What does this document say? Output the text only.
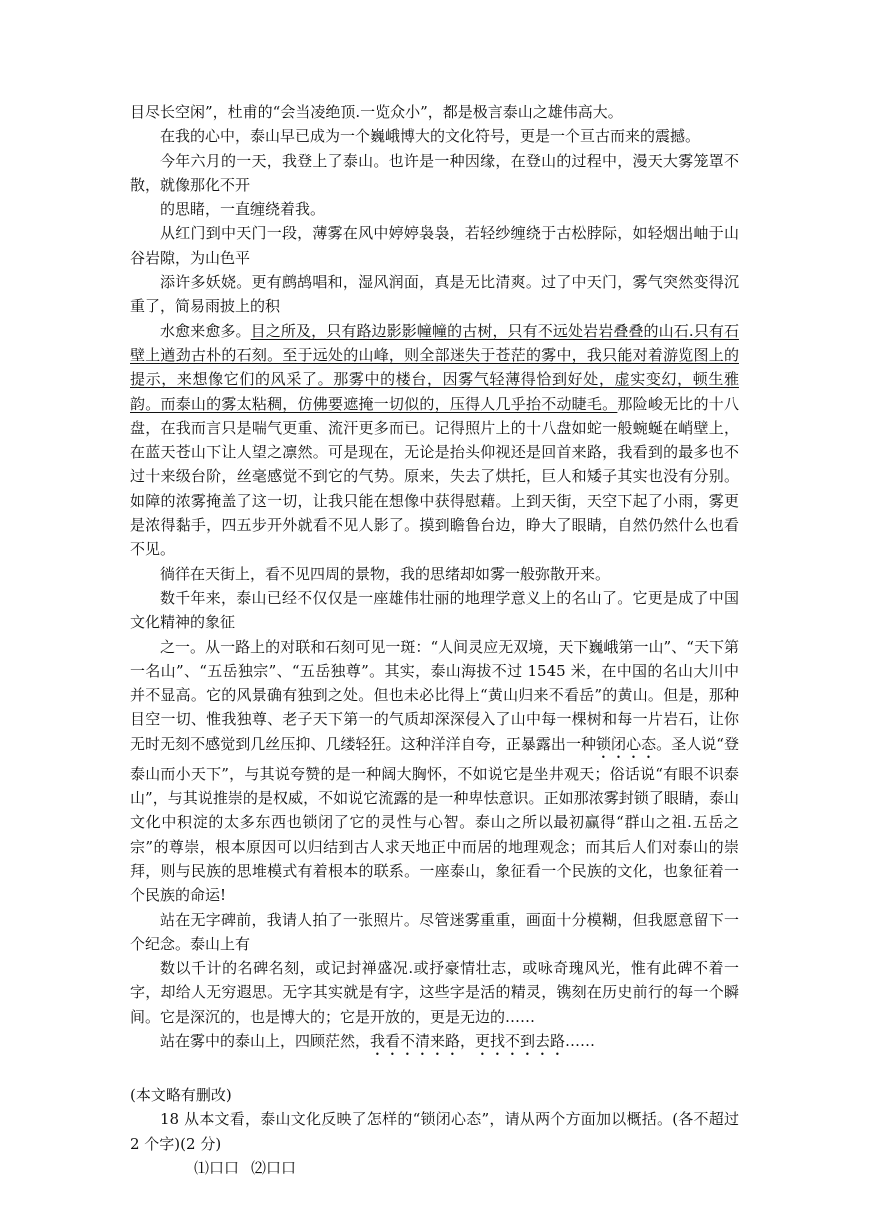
目尽长空闲”，杜甫的“会当凌绝顶.一览众小”，都是极言泰山之雄伟高大。

在我的心中，泰山早已成为一个巍峨博大的文化符号，更是一个亘古而来的震撼。

今年六月的一天，我登上了泰山。也许是一种因缘，在登山的过程中，漫天大雾笼罩不散，就像那化不开

的思睹，一直缠绕着我。

从红门到中天门一段，薄雾在风中婷婷袅袅，若轻纱缠绕于古松脖际，如轻烟出岫于山谷岩隙，为山色平

添许多妖娆。更有鹧鸪唱和，湿风润面，真是无比清爽。过了中天门，雾气突然变得沉重了，简易雨披上的积

水愈来愈多。目之所及，只有路边影影幢幢的古树，只有不远处岩岩叠叠的山石.只有石壁上遒劲古朴的石刻。至于远处的山峰，则全部迷失于苍茫的雾中，我只能对着游览图上的提示，来想像它们的风采了。那雾中的楼台，因雾气轻薄得恰到好处，虚实变幻，顿生雅韵。而泰山的雾太粘稠，仿佛要遮掩一切似的，压得人几乎抬不动睫毛。那险峻无比的十八盘，在我而言只是喘气更重、流汗更多而已。记得照片上的十八盘如蛇一般蜿蜒在峭壁上，在蓝天苍山下让人望之凛然。可是现在，无论是抬头仰视还是回首来路，我看到的最多也不过十来级台阶，丝毫感觉不到它的气势。原来，失去了烘托，巨人和矮子其实也没有分别。如障的浓雾掩盖了这一切，让我只能在想像中获得慰藉。上到天街，天空下起了小雨，雾更是浓得黏手，四五步开外就看不见人影了。摸到瞻鲁台边，睁大了眼睛，自然仍然什么也看不见。

徜徉在天街上，看不见四周的景物，我的思绪却如雾一般弥散开来。

数千年来，泰山已经不仅仅是一座雄伟壮丽的地理学意义上的名山了。它更是成了中国文化精神的象征

之一。从一路上的对联和石刻可见一斑：“人间灵应无双境，天下巍峨第一山”、“天下第一名山”、“五岳独宗”、“五岳独尊”。其实，泰山海拔不过 1545 米，在中国的名山大川中并不显高。它的风景确有独到之处。但也未必比得上“黄山归来不看岳”的黄山。但是，那种目空一切、惟我独尊、老子天下第一的气质却深深侵入了山中每一棵树和每一片岩石，让你无时无刻不感觉到几丝压抑、几缕轻狂。这种洋洋自夸，正暴露出一种锁闭心态。圣人说“登泰山而小天下”，与其说夸赞的是一种阔大胸怀，不如说它是坐井观天；俗话说“有眼不识泰山”，与其说推崇的是权威，不如说它流露的是一种卑怯意识。正如那浓雾封锁了眼睛，泰山文化中积淀的太多东西也锁闭了它的灵性与心智。泰山之所以最初赢得“群山之祖.五岳之宗”的尊崇，根本原因可以归结到古人求天地正中而居的地理观念；而其后人们对泰山的崇拜，则与民族的思堆模式有着根本的联系。一座泰山，象征看一个民族的文化，也象征着一个民族的命运!

站在无字碑前，我请人拍了一张照片。尽管迷雾重重，画面十分模糊，但我愿意留下一个纪念。泰山上有

数以千计的名碑名刻，或记封禅盛况.或抒豪情壮志，或咏奇瑰风光，惟有此碑不着一字，却给人无穷遐思。无字其实就是有字，这些字是活的精灵，镌刻在历史前行的每一个瞬间。它是深沉的，也是博大的；它是开放的，更是无边的……

站在雾中的泰山上，四顾茫然，我看不清来路，更找不到去路……

(本文略有删改)

18 从本文看，泰山文化反映了怎样的“锁闭心态”，请从两个方面加以概括。(各不超过 2 个字)(2 分)

⑴口口 ⑵口口
